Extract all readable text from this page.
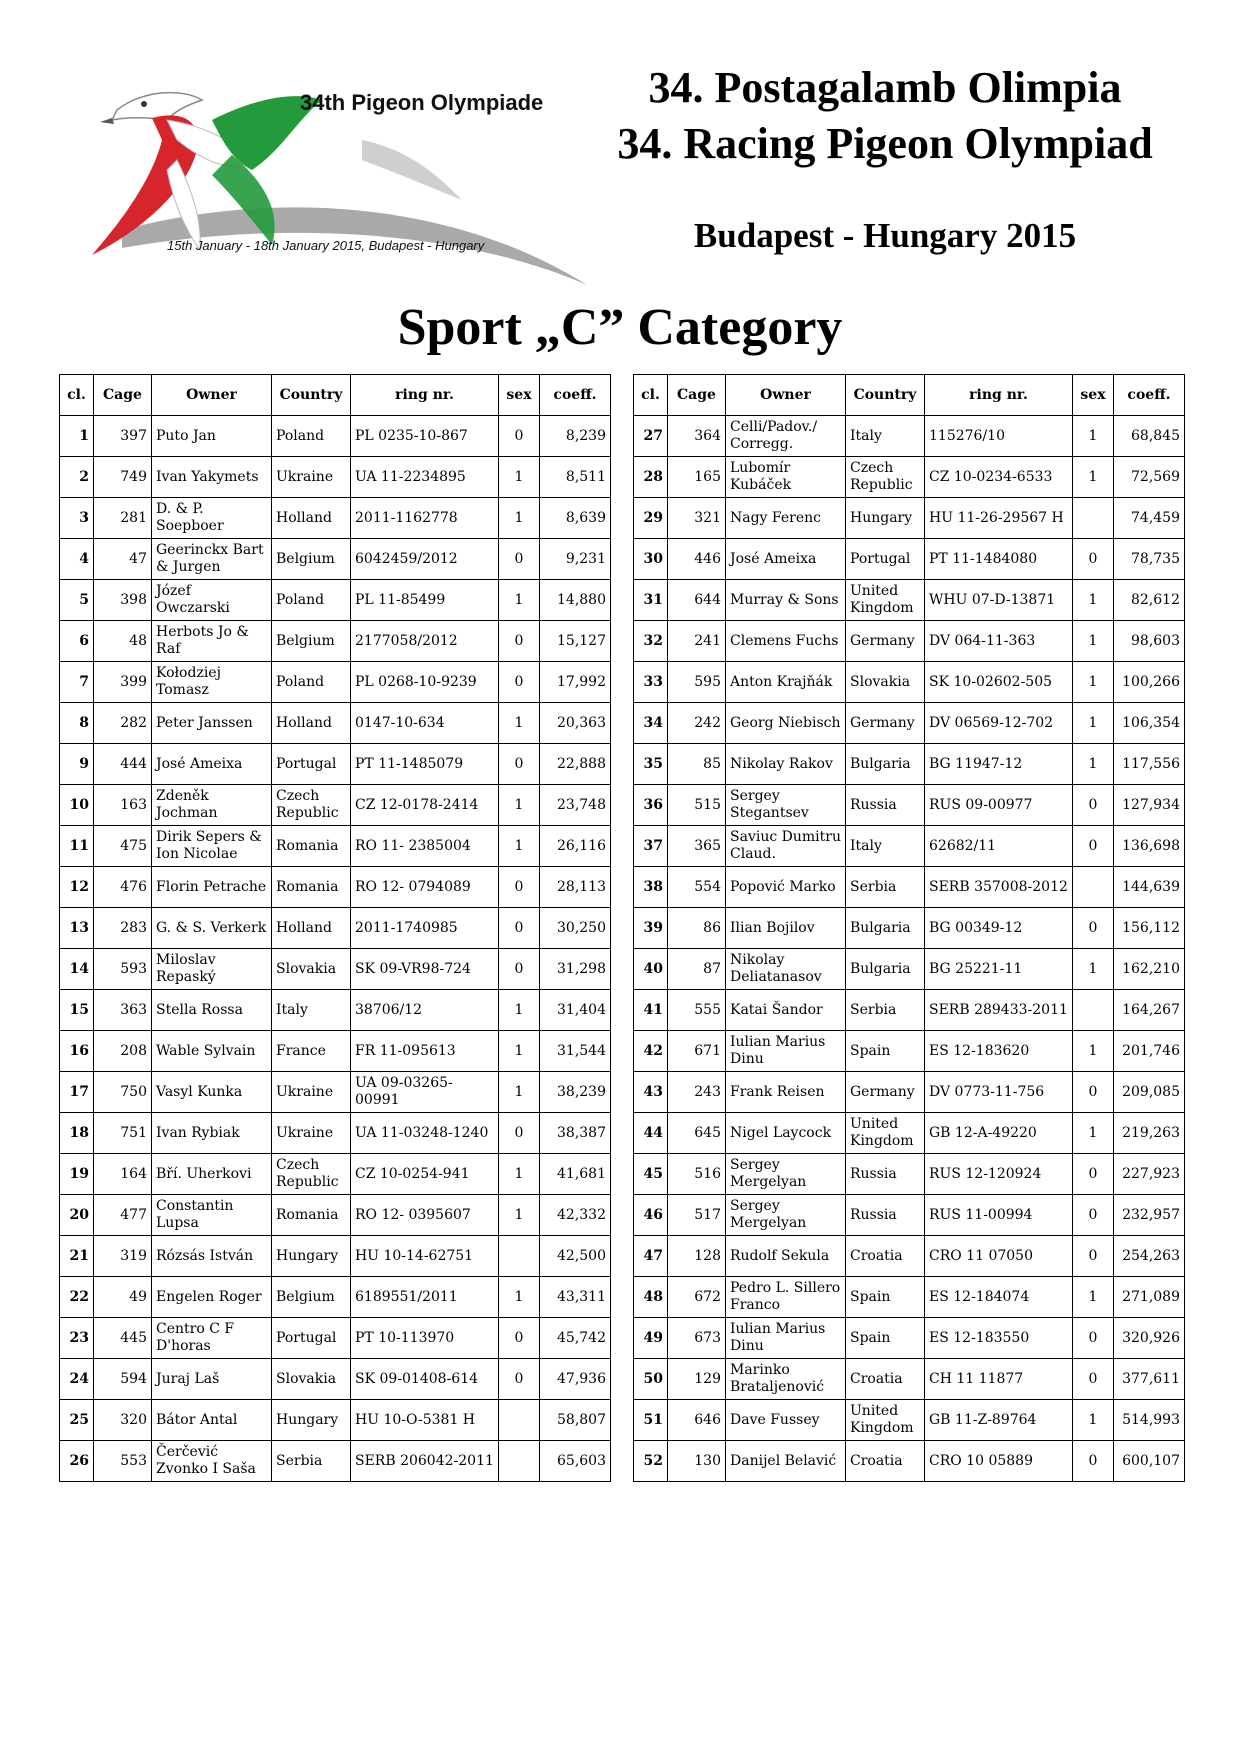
34th Pigeon Olympiade
15th January - 18th January 2015, Budapest - Hungary
34. Postagalamb Olimpia
34. Racing Pigeon Olympiad
Budapest - Hungary 2015
Sport „C” Category
cl.	Cage	Owner	Country	ring nr.	sex	coeff.
1	397	Puto Jan	Poland	PL 0235-10-867	0	8,239
2	749	Ivan Yakymets	Ukraine	UA 11-2234895	1	8,511
3	281	D. & P. Soepboer	Holland	2011-1162778	1	8,639
4	47	Geerinckx Bart & Jurgen	Belgium	6042459/2012	0	9,231
5	398	Józef Owczarski	Poland	PL 11-85499	1	14,880
6	48	Herbots Jo & Raf	Belgium	2177058/2012	0	15,127
7	399	Kołodziej Tomasz	Poland	PL 0268-10-9239	0	17,992
8	282	Peter Janssen	Holland	0147-10-634	1	20,363
9	444	José Ameixa	Portugal	PT 11-1485079	0	22,888
10	163	Zdeněk Jochman	Czech Republic	CZ 12-0178-2414	1	23,748
11	475	Dirik Sepers & Ion Nicolae	Romania	RO 11- 2385004	1	26,116
12	476	Florin Petrache	Romania	RO 12- 0794089	0	28,113
13	283	G. & S. Verkerk	Holland	2011-1740985	0	30,250
14	593	Miloslav Repaský	Slovakia	SK 09-VR98-724	0	31,298
15	363	Stella Rossa	Italy	38706/12	1	31,404
16	208	Wable Sylvain	France	FR 11-095613	1	31,544
17	750	Vasyl Kunka	Ukraine	UA 09-03265-00991	1	38,239
18	751	Ivan Rybiak	Ukraine	UA 11-03248-1240	0	38,387
19	164	Bří. Uherkovi	Czech Republic	CZ 10-0254-941	1	41,681
20	477	Constantin Lupsa	Romania	RO 12- 0395607	1	42,332
21	319	Rózsás István	Hungary	HU 10-14-62751		42,500
22	49	Engelen Roger	Belgium	6189551/2011	1	43,311
23	445	Centro C F D'horas	Portugal	PT 10-113970	0	45,742
24	594	Juraj Laš	Slovakia	SK 09-01408-614	0	47,936
25	320	Bátor Antal	Hungary	HU 10-O-5381 H		58,807
26	553	Čerčević Zvonko I Saša	Serbia	SERB 206042-2011		65,603
cl.	Cage	Owner	Country	ring nr.	sex	coeff.
27	364	Celli/Padov./ Corregg.	Italy	115276/10	1	68,845
28	165	Lubomír Kubáček	Czech Republic	CZ 10-0234-6533	1	72,569
29	321	Nagy Ferenc	Hungary	HU 11-26-29567 H		74,459
30	446	José Ameixa	Portugal	PT 11-1484080	0	78,735
31	644	Murray & Sons	United Kingdom	WHU 07-D-13871	1	82,612
32	241	Clemens Fuchs	Germany	DV 064-11-363	1	98,603
33	595	Anton Krajňák	Slovakia	SK 10-02602-505	1	100,266
34	242	Georg Niebisch	Germany	DV 06569-12-702	1	106,354
35	85	Nikolay Rakov	Bulgaria	BG 11947-12	1	117,556
36	515	Sergey Stegantsev	Russia	RUS 09-00977	0	127,934
37	365	Saviuc Dumitru Claud.	Italy	62682/11	0	136,698
38	554	Popović Marko	Serbia	SERB 357008-2012		144,639
39	86	Ilian Bojilov	Bulgaria	BG 00349-12	0	156,112
40	87	Nikolay Deliatanasov	Bulgaria	BG 25221-11	1	162,210
41	555	Katai Šandor	Serbia	SERB 289433-2011		164,267
42	671	Iulian Marius Dinu	Spain	ES 12-183620	1	201,746
43	243	Frank Reisen	Germany	DV 0773-11-756	0	209,085
44	645	Nigel Laycock	United Kingdom	GB 12-A-49220	1	219,263
45	516	Sergey Mergelyan	Russia	RUS 12-120924	0	227,923
46	517	Sergey Mergelyan	Russia	RUS 11-00994	0	232,957
47	128	Rudolf Sekula	Croatia	CRO 11 07050	0	254,263
48	672	Pedro L. Sillero Franco	Spain	ES 12-184074	1	271,089
49	673	Iulian Marius Dinu	Spain	ES 12-183550	0	320,926
50	129	Marinko Brataljenović	Croatia	CH 11 11877	0	377,611
51	646	Dave Fussey	United Kingdom	GB 11-Z-89764	1	514,993
52	130	Danijel Belavić	Croatia	CRO 10 05889	0	600,107
